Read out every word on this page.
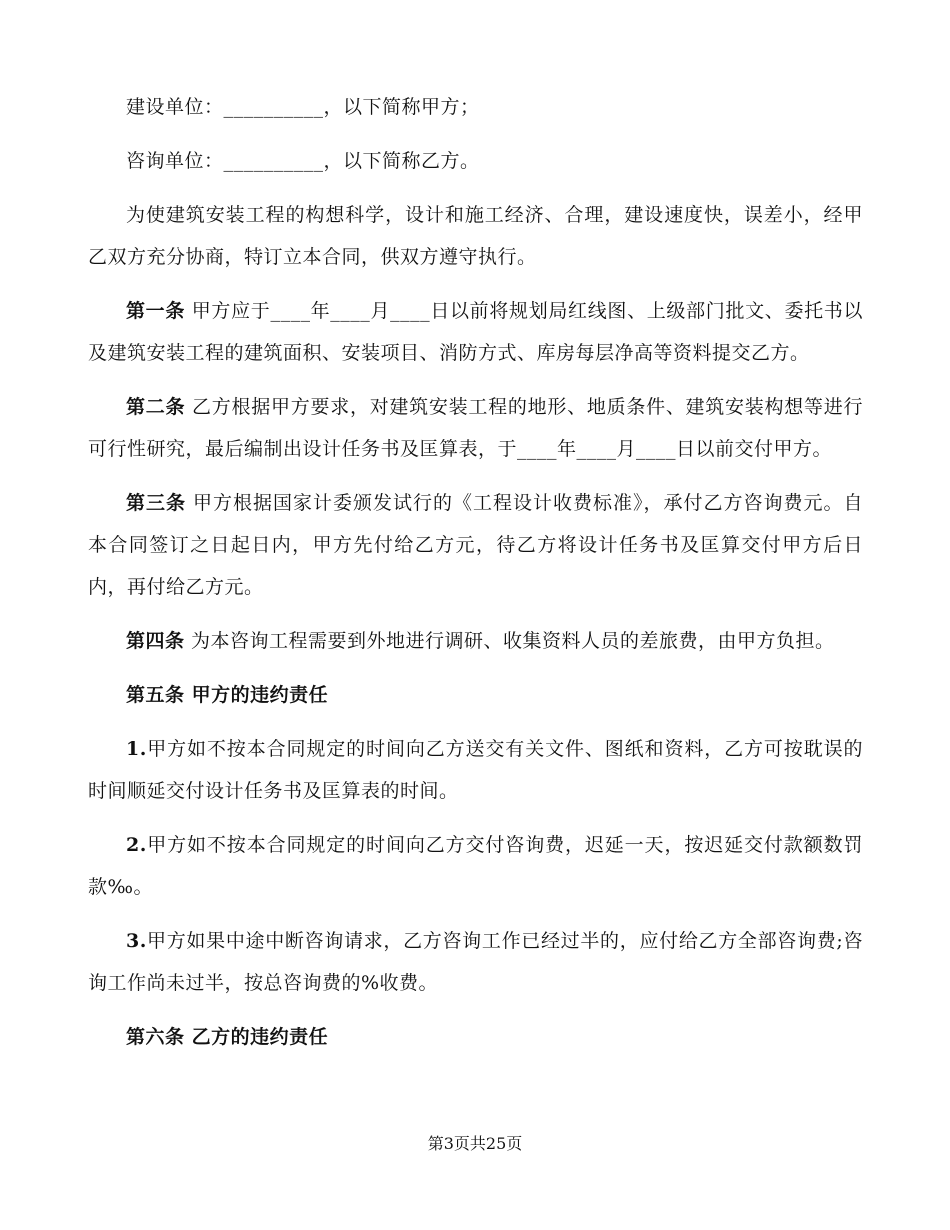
建设单位：__________，以下简称甲方；

咨询单位：__________，以下简称乙方。

为使建筑安装工程的构想科学，设计和施工经济、合理，建设速度快，误差小，经甲乙双方充分协商，特订立本合同，供双方遵守执行。

第一条 甲方应于____年____月____日以前将规划局红线图、上级部门批文、委托书以及建筑安装工程的建筑面积、安装项目、消防方式、库房每层净高等资料提交乙方。

第二条 乙方根据甲方要求，对建筑安装工程的地形、地质条件、建筑安装构想等进行可行性研究，最后编制出设计任务书及匡算表，于____年____月____日以前交付甲方。

第三条 甲方根据国家计委颁发试行的《工程设计收费标准》，承付乙方咨询费元。自本合同签订之日起日内，甲方先付给乙方元，待乙方将设计任务书及匡算交付甲方后日内，再付给乙方元。

第四条 为本咨询工程需要到外地进行调研、收集资料人员的差旅费，由甲方负担。

第五条 甲方的违约责任

1.甲方如不按本合同规定的时间向乙方送交有关文件、图纸和资料，乙方可按耽误的时间顺延交付设计任务书及匡算表的时间。

2.甲方如不按本合同规定的时间向乙方交付咨询费，迟延一天，按迟延交付款额数罚款‰。

3.甲方如果中途中断咨询请求，乙方咨询工作已经过半的，应付给乙方全部咨询费;咨询工作尚未过半，按总咨询费的%收费。

第六条 乙方的违约责任

第3页共25页
